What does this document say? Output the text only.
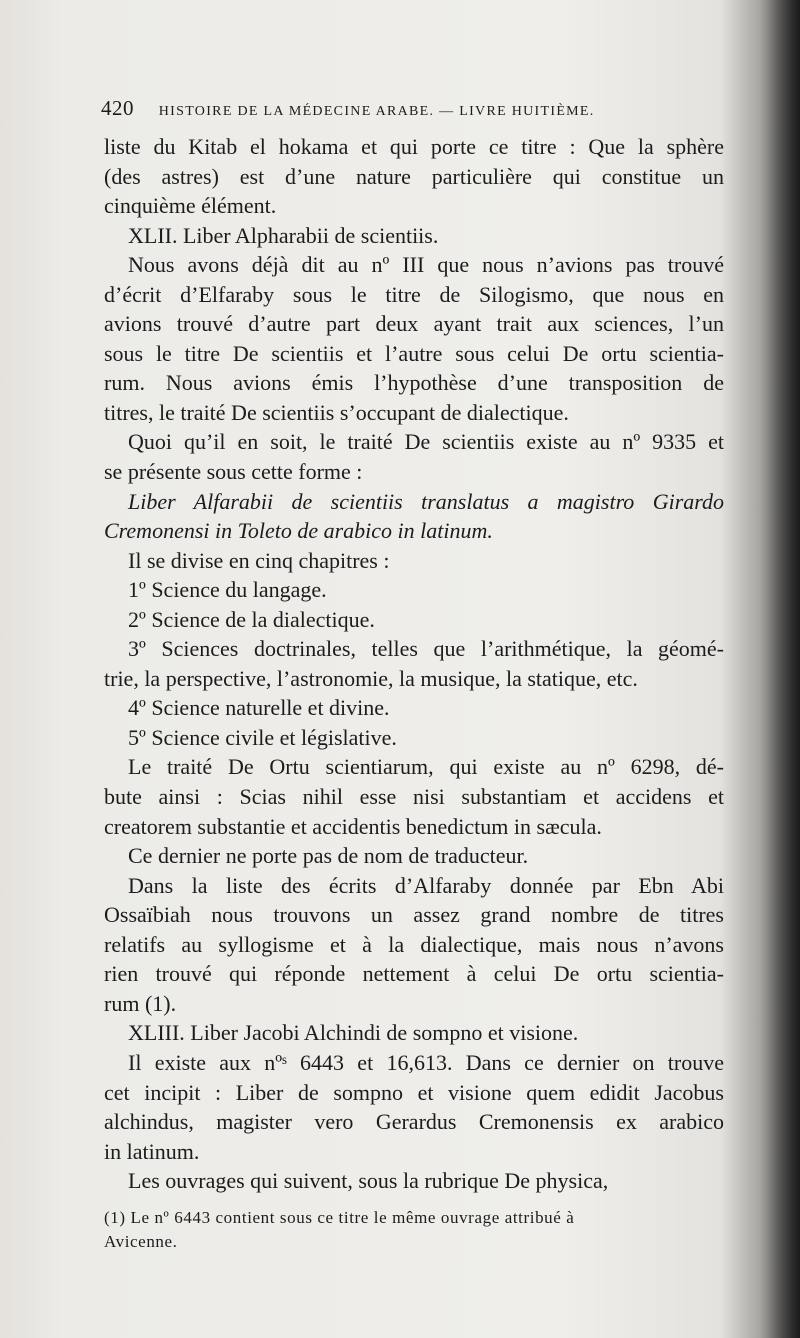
420 HISTOIRE DE LA MÉDECINE ARABE. — LIVRE HUITIÈME.
liste du Kitab el hokama et qui porte ce titre : Que la sphère
(des astres) est d’une nature particulière qui constitue un
cinquième élément.
XLII. Liber Alpharabii de scientiis.
Nous avons déjà dit au nº III que nous n’avions pas trouvé
d’écrit d’Elfaraby sous le titre de Silogismo, que nous en
avions trouvé d’autre part deux ayant trait aux sciences, l’un
sous le titre De scientiis et l’autre sous celui De ortu scientia-
rum. Nous avions émis l’hypothèse d’une transposition de
titres, le traité De scientiis s’occupant de dialectique.
Quoi qu’il en soit, le traité De scientiis existe au nº 9335 et
se présente sous cette forme :
Liber Alfarabii de scientiis translatus a magistro Girardo
Cremonensi in Toleto de arabico in latinum.
Il se divise en cinq chapitres :
1º Science du langage.
2º Science de la dialectique.
3º Sciences doctrinales, telles que l’arithmétique, la géomé-
trie, la perspective, l’astronomie, la musique, la statique, etc.
4º Science naturelle et divine.
5º Science civile et législative.
Le traité De Ortu scientiarum, qui existe au nº 6298, dé-
bute ainsi : Scias nihil esse nisi substantiam et accidens et
creatorem substantie et accidentis benedictum in sæcula.
Ce dernier ne porte pas de nom de traducteur.
Dans la liste des écrits d’Alfaraby donnée par Ebn Abi
Ossaïbiah nous trouvons un assez grand nombre de titres
relatifs au syllogisme et à la dialectique, mais nous n’avons
rien trouvé qui réponde nettement à celui De ortu scientia-
rum (1).
XLIII. Liber Jacobi Alchindi de sompno et visione.
Il existe aux nºˢ 6443 et 16,613. Dans ce dernier on trouve
cet incipit : Liber de sompno et visione quem edidit Jacobus
alchindus, magister vero Gerardus Cremonensis ex arabico
in latinum.
Les ouvrages qui suivent, sous la rubrique De physica,
(1) Le nº 6443 contient sous ce titre le même ouvrage attribué à
Avicenne.
